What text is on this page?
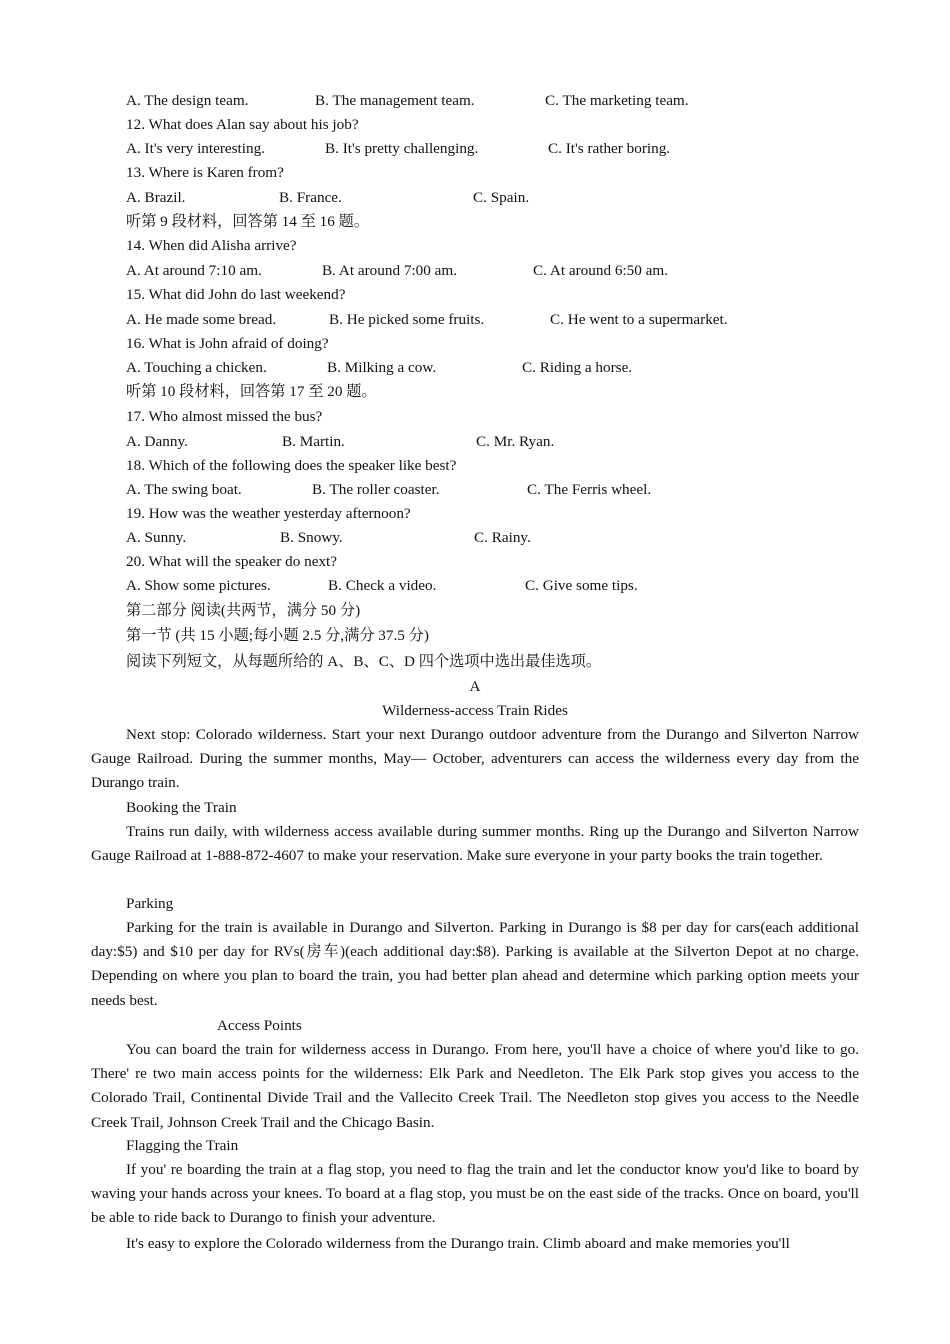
A. The design team.	B. The management team.	C. The marketing team.
12. What does Alan say about his job?
A. It's very interesting.	B. It's pretty challenging.	C. It's rather boring.
13. Where is Karen from?
A. Brazil.	B. France.	C. Spain.
听第 9 段材料，回答第 14 至 16 题。
14. When did Alisha arrive?
A. At around 7:10 am.	B. At around 7:00 am.	C. At around 6:50 am.
15. What did John do last weekend?
A. He made some bread.	B. He picked some fruits.	C. He went to a supermarket.
16. What is John afraid of doing?
A. Touching a chicken.	B. Milking a cow.	C. Riding a horse.
听第 10 段材料，回答第 17 至 20 题。
17. Who almost missed the bus?
A. Danny.	B. Martin.	C. Mr. Ryan.
18. Which of the following does the speaker like best?
A. The swing boat.	B. The roller coaster.	C. The Ferris wheel.
19. How was the weather yesterday afternoon?
A. Sunny.	B. Snowy.	C. Rainy.
20. What will the speaker do next?
A. Show some pictures.	B. Check a video.	C. Give some tips.
第二部分 阅读(共两节，满分 50 分)
第一节 (共 15 小题;每小题 2.5 分,满分 37.5 分)
阅读下列短文，从每题所给的 A、B、C、D 四个选项中选出最佳选项。
A
Wilderness-access Train Rides
Next stop: Colorado wilderness. Start your next Durango outdoor adventure from the Durango and Silverton Narrow Gauge Railroad. During the summer months, May— October, adventurers can access the wilderness every day from the Durango train.
Booking the Train
Trains run daily, with wilderness access available during summer months. Ring up the Durango and Silverton Narrow Gauge Railroad at 1-888-872-4607 to make your reservation. Make sure everyone in your party books the train together.
Parking
Parking for the train is available in Durango and Silverton. Parking in Durango is $8 per day for cars(each additional day:$5) and $10 per day for RVs(房车)(each additional day:$8). Parking is available at the Silverton Depot at no charge. Depending on where you plan to board the train, you had better plan ahead and determine which parking option meets your needs best.
Access Points
You can board the train for wilderness access in Durango. From here, you'll have a choice of where you'd like to go. There' re two main access points for the wilderness: Elk Park and Needleton. The Elk Park stop gives you access to the Colorado Trail, Continental Divide Trail and the Vallecito Creek Trail. The Needleton stop gives you access to the Needle Creek Trail, Johnson Creek Trail and the Chicago Basin.
Flagging the Train
If you' re boarding the train at a flag stop, you need to flag the train and let the conductor know you'd like to board by waving your hands across your knees. To board at a flag stop, you must be on the east side of the tracks. Once on board, you'll be able to ride back to Durango to finish your adventure.
It's easy to explore the Colorado wilderness from the Durango train. Climb aboard and make memories you'll
